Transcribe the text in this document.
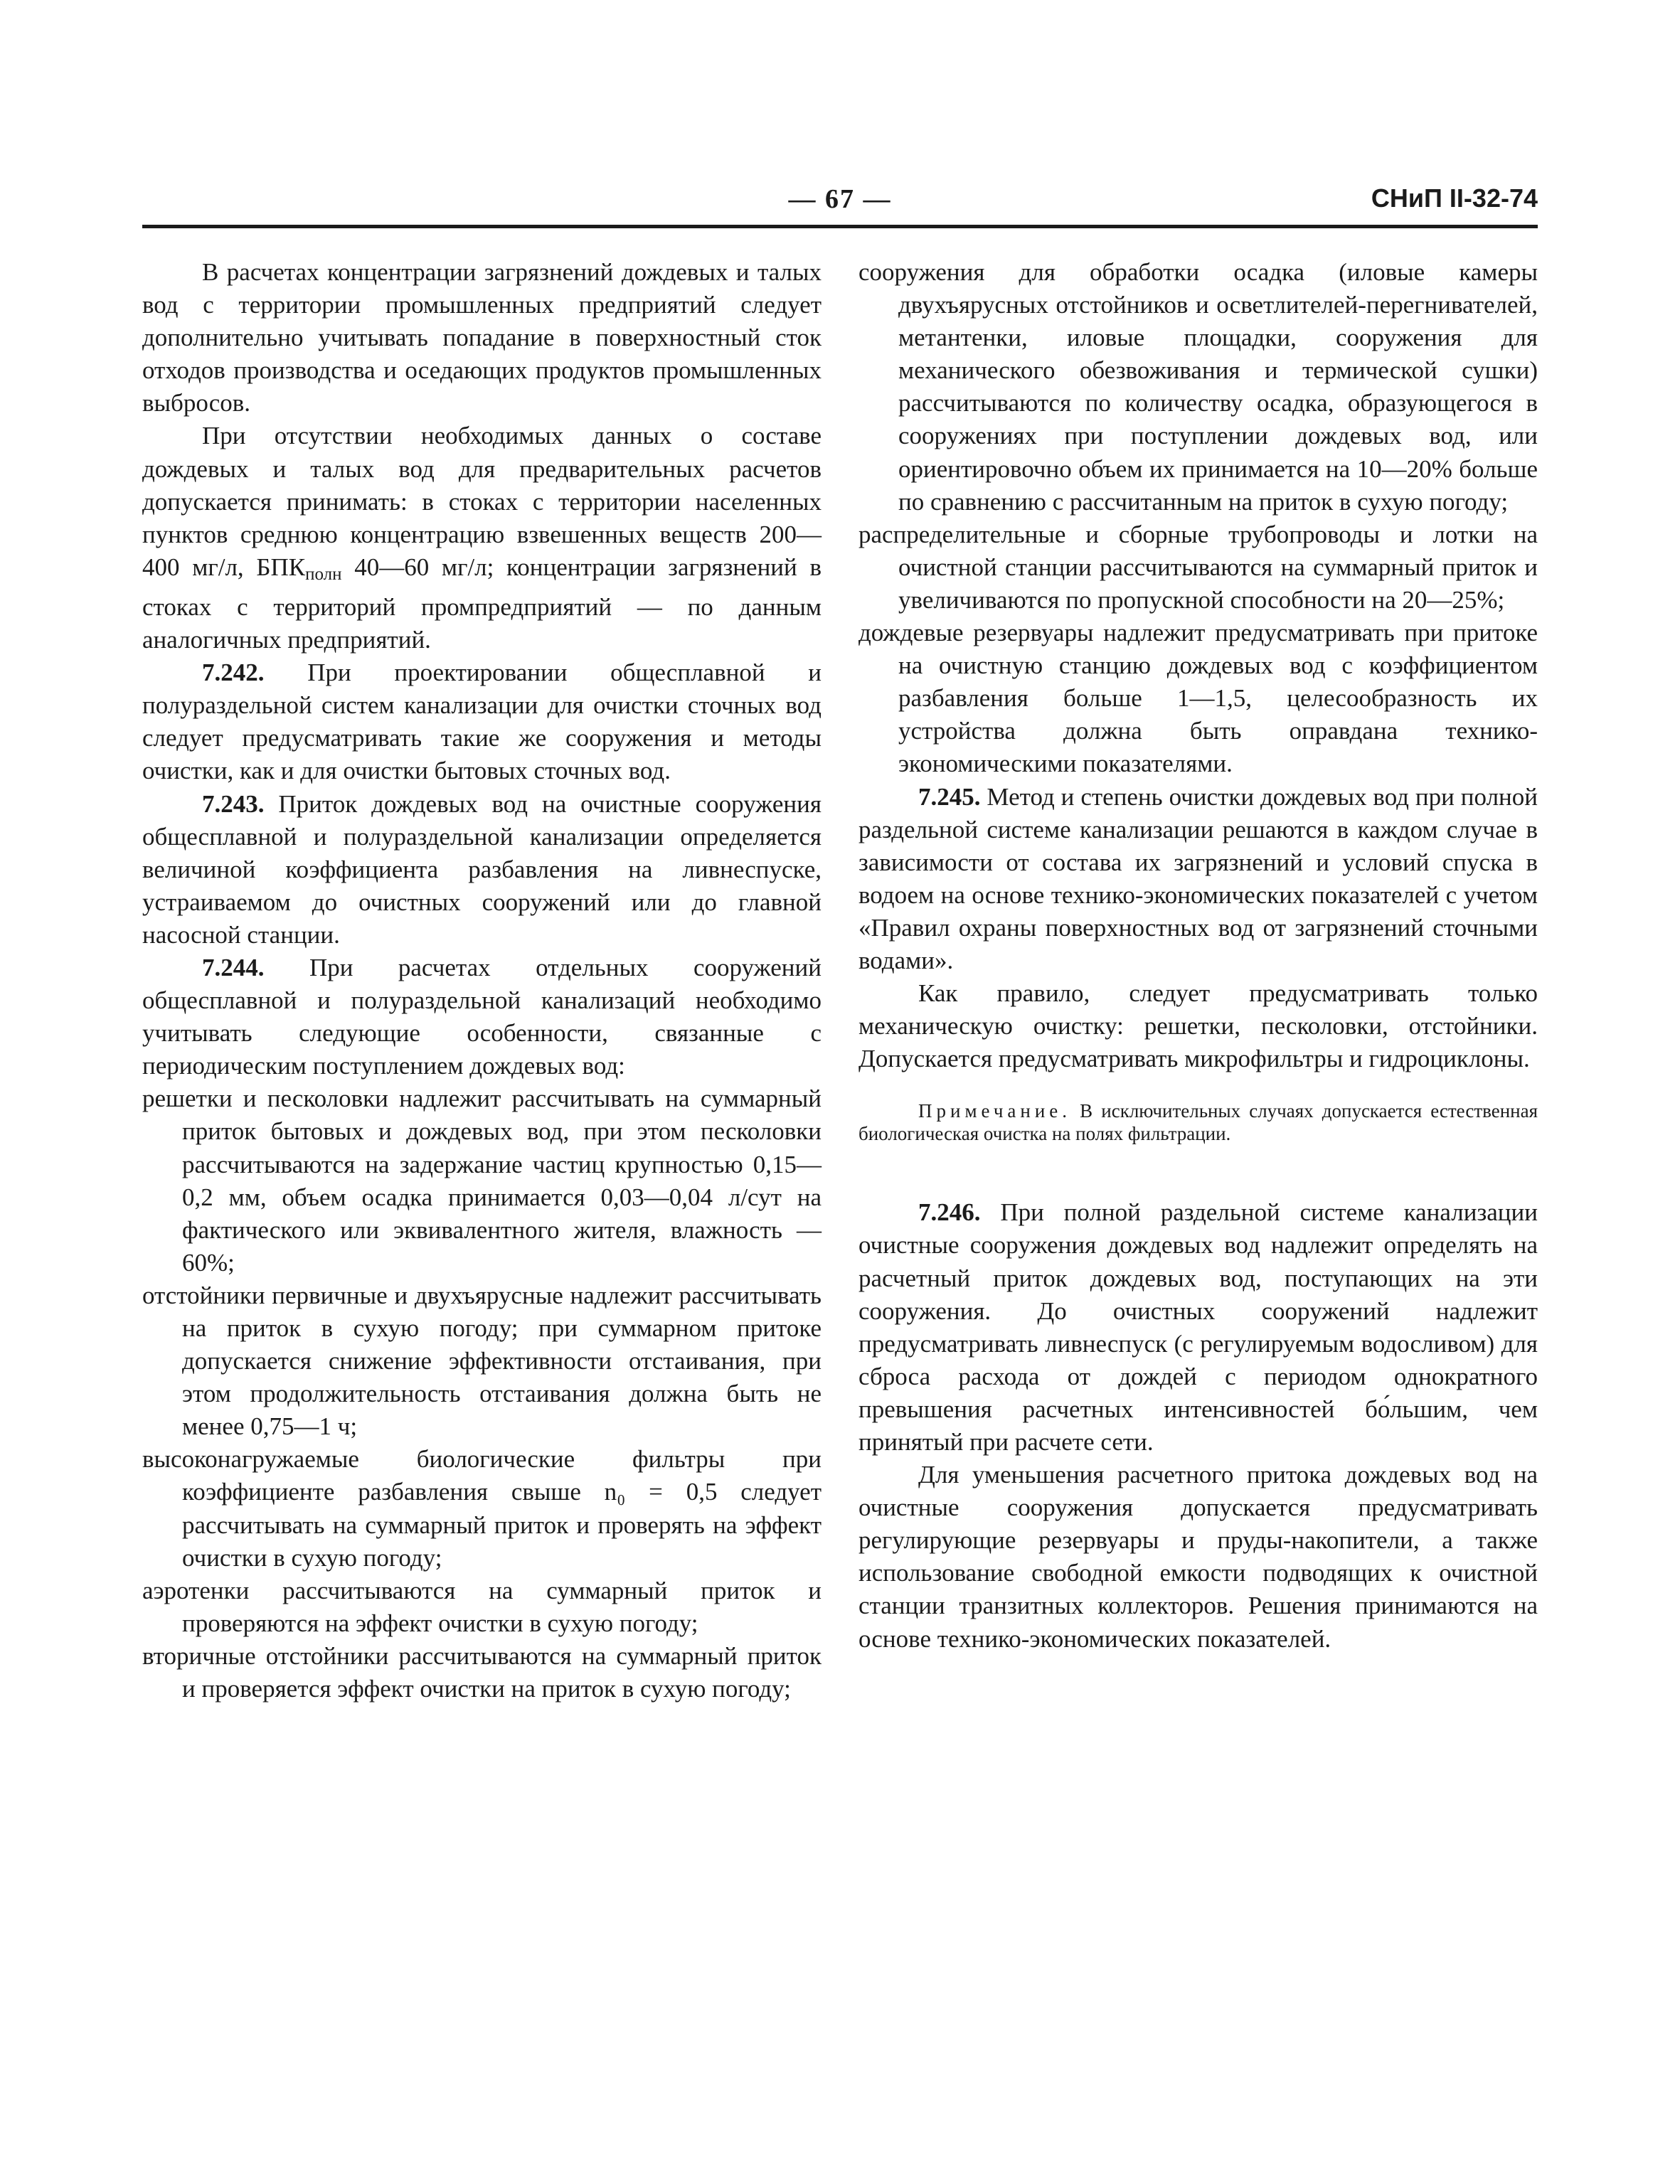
— 67 —	СНиП II-32-74

В расчетах концентрации загрязнений дождевых и талых вод с территории промышленных предприятий следует дополнительно учитывать попадание в поверхностный сток отходов производства и оседающих продуктов промышленных выбросов.

При отсутствии необходимых данных о составе дождевых и талых вод для предварительных расчетов допускается принимать: в стоках с территории населенных пунктов среднюю концентрацию взвешенных веществ 200—400 мг/л, $БПК_{полн}$ 40—60 мг/л; концентрации загрязнений в стоках с территорий промпредприятий — по данным аналогичных предприятий.

7.242. При проектировании общесплавной и полураздельной систем канализации для очистки сточных вод следует предусматривать такие же сооружения и методы очистки, как и для очистки бытовых сточных вод.

7.243. Приток дождевых вод на очистные сооружения общесплавной и полураздельной канализации определяется величиной коэффициента разбавления на ливнеспуске, устраиваемом до очистных сооружений или до главной насосной станции.

7.244. При расчетах отдельных сооружений общесплавной и полураздельной канализаций необходимо учитывать следующие особенности, связанные с периодическим поступлением дождевых вод:

решетки и песколовки надлежит рассчитывать на суммарный приток бытовых и дождевых вод, при этом песколовки рассчитываются на задержание частиц крупностью 0,15—0,2 мм, объем осадка принимается 0,03—0,04 л/сут на фактического или эквивалентного жителя, влажность — 60%;

отстойники первичные и двухъярусные надлежит рассчитывать на приток в сухую погоду; при суммарном притоке допускается снижение эффективности отстаивания, при этом продолжительность отстаивания должна быть не менее 0,75—1 ч;

высоконагружаемые биологические фильтры при коэффициенте разбавления свыше n₀ = 0,5 следует рассчитывать на суммарный приток и проверять на эффект очистки в сухую погоду;

аэротенки рассчитываются на суммарный приток и проверяются на эффект очистки в сухую погоду;

вторичные отстойники рассчитываются на суммарный приток и проверяется эффект очистки на приток в сухую погоду;

сооружения для обработки осадка (иловые камеры двухъярусных отстойников и осветлителей-перегнивателей, метантенки, иловые площадки, сооружения для механического обезвоживания и термической сушки) рассчитываются по количеству осадка, образующегося в сооружениях при поступлении дождевых вод, или ориентировочно объем их принимается на 10—20% больше по сравнению с рассчитанным на приток в сухую погоду;

распределительные и сборные трубопроводы и лотки на очистной станции рассчитываются на суммарный приток и увеличиваются по пропускной способности на 20—25%;

дождевые резервуары надлежит предусматривать при притоке на очистную станцию дождевых вод с коэффициентом разбавления больше 1—1,5, целесообразность их устройства должна быть оправдана технико-экономическими показателями.

7.245. Метод и степень очистки дождевых вод при полной раздельной системе канализации решаются в каждом случае в зависимости от состава их загрязнений и условий спуска в водоем на основе технико-экономических показателей с учетом «Правил охраны поверхностных вод от загрязнений сточными водами».

Как правило, следует предусматривать только механическую очистку: решетки, песколовки, отстойники. Допускается предусматривать микрофильтры и гидроциклоны.

Примечание. В исключительных случаях допускается естественная биологическая очистка на полях фильтрации.

7.246. При полной раздельной системе канализации очистные сооружения дождевых вод надлежит определять на расчетный приток дождевых вод, поступающих на эти сооружения. До очистных сооружений надлежит предусматривать ливнеспуск (с регулируемым водосливом) для сброса расхода от дождей с периодом однократного превышения расчетных интенсивностей бо́льшим, чем принятый при расчете сети.

Для уменьшения расчетного притока дождевых вод на очистные сооружения допускается предусматривать регулирующие резервуары и пруды-накопители, а также использование свободной емкости подводящих к очистной станции транзитных коллекторов. Решения принимаются на основе технико-экономических показателей.
